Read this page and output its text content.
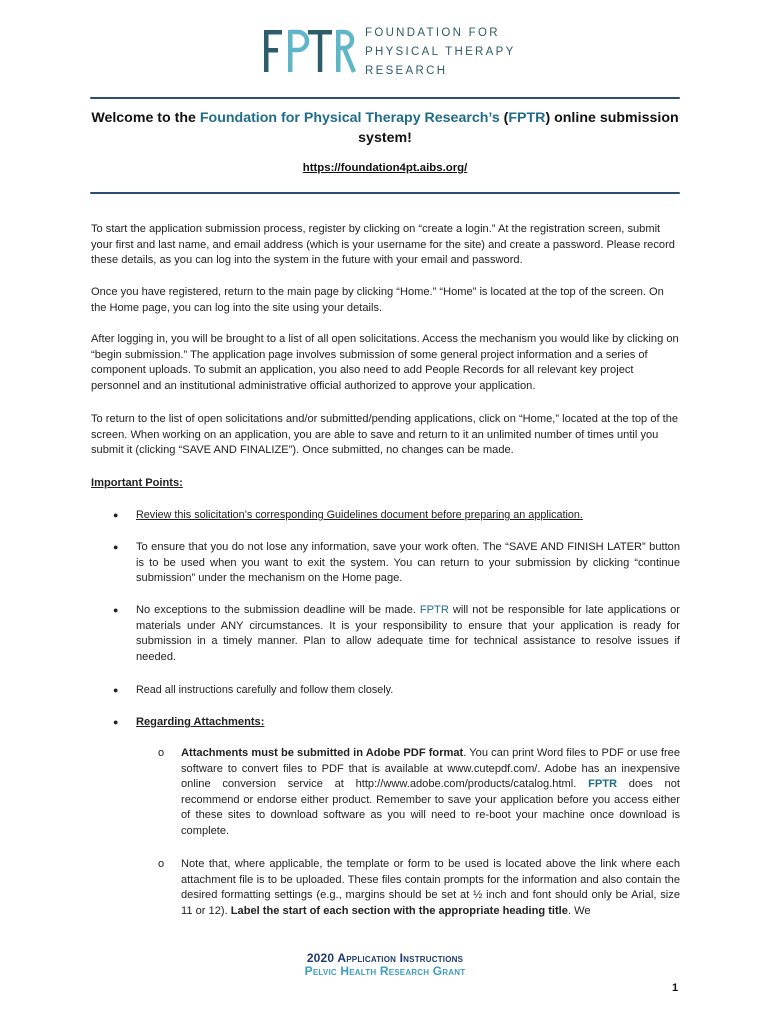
FOUNDATION FOR
PHYSICAL THERAPY
RESEARCH
Welcome to the Foundation for Physical Therapy Research’s (FPTR) online submission system!
https://foundation4pt.aibs.org/
To start the application submission process, register by clicking on “create a login.” At the registration screen, submit your first and last name, and email address (which is your username for the site) and create a password. Please record these details, as you can log into the system in the future with your email and password.
Once you have registered, return to the main page by clicking “Home.” “Home” is located at the top of the screen. On the Home page, you can log into the site using your details.
After logging in, you will be brought to a list of all open solicitations. Access the mechanism you would like by clicking on “begin submission.” The application page involves submission of some general project information and a series of component uploads. To submit an application, you also need to add People Records for all relevant key project personnel and an institutional administrative official authorized to approve your application.
To return to the list of open solicitations and/or submitted/pending applications, click on “Home,” located at the top of the screen. When working on an application, you are able to save and return to it an unlimited number of times until you submit it (clicking “SAVE AND FINALIZE”). Once submitted, no changes can be made.
Important Points:
● Review this solicitation’s corresponding Guidelines document before preparing an application.
● To ensure that you do not lose any information, save your work often. The “SAVE AND FINISH LATER” button is to be used when you want to exit the system. You can return to your submission by clicking “continue submission” under the mechanism on the Home page.
● No exceptions to the submission deadline will be made. FPTR will not be responsible for late applications or materials under ANY circumstances. It is your responsibility to ensure that your application is ready for submission in a timely manner. Plan to allow adequate time for technical assistance to resolve issues if needed.
● Read all instructions carefully and follow them closely.
● Regarding Attachments:
o Attachments must be submitted in Adobe PDF format. You can print Word files to PDF or use free software to convert files to PDF that is available at www.cutepdf.com/. Adobe has an inexpensive online conversion service at http://www.adobe.com/products/catalog.html. FPTR does not recommend or endorse either product. Remember to save your application before you access either of these sites to download software as you will need to re-boot your machine once download is complete.
o Note that, where applicable, the template or form to be used is located above the link where each attachment file is to be uploaded. These files contain prompts for the information and also contain the desired formatting settings (e.g., margins should be set at ½ inch and font should only be Arial, size 11 or 12). Label the start of each section with the appropriate heading title. We
2020 Application Instructions
Pelvic Health Research Grant
1
